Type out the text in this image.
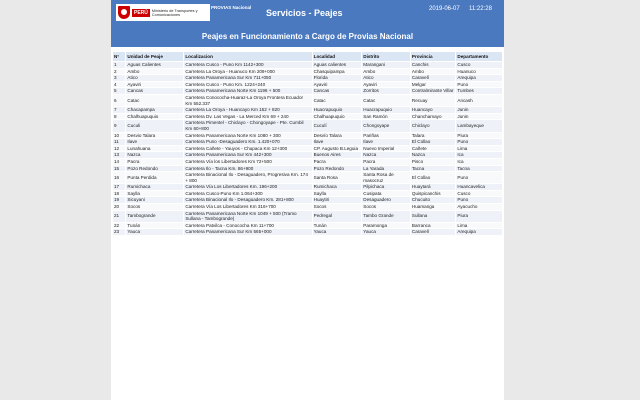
PERÚ	Ministerio de Transportes y Comunicaciones
PROVIAS Nacional
Servicios - Peajes	2019-06-07 11:22:28
Peajes en Funcionamiento a Cargo de Provias Nacional
N°	Unidad de Peaje	Localizacion	Localidad	Distrito	Provincia	Departamento
1	Aguas Calientes	Carretera Cusco - Puno Km 1142+300	Aguas calientes	Marangani	Canchis	Cusco
2	Ambo	Carretera La Oroya - Huanuco Km 209+000	Chasquipampa	Ambo	Ambo	Huanuco
3	Atico	Carretera Panamericana Sur Km 711+050	Florida	Atico	Caravelí	Arequipa
4	Ayaviri	Carretera Cusco - Puno Km. 1224+240	Ayaviri	Ayaviri	Melgar	Puno
5	Cancas	Carretera Panamericana Norte Km 1196 + 500	Cancas	Zorritos	Contralmirante Villar	Tumbes
6	Catac	Carretera Conococha-Huaraz-La Oroya Frontera Ecuador Km 552.337	Catac	Catac	Recuay	Ancash
7	Chacapampa	Carretera La Oroya - Huancayo Km 152 + 820	Huacrapuquio	Huacrapuquio	Huancayo	Junin
8	Chalhuapuquio	Carretera Dv. Las Vegas - La Merced Km 69 + 240	Chalhuapuquio	San Ramón	Chanchamayo	Junin
9	Cuculi	Carretera Pimentel - Chiclayo - Chongoyape - Pte. Cumbil Km 60+800	Cuculí	Chongoyape	Chiclayo	Lambayeque
10	Desvio Talara	Carretera Panamericana Norte Km 1080 + 300	Desvío Talara	Pariñas	Talara	Piura
11	Ilave	Carretera Puno -Desaguadero Km. 1.420+070	Ilave	Ilave	El Collao	Puno
12	Lunahuana	Carretera Cañete - Yauyos - Chupaca Km 12+300	CP. Augusto B.Leguia	Nuevo Imperial	Cañete	Lima
13	Nazca	Carretera Panamericana Sur Km 442+300	Buenos Aires	Nazca	Nazca	Ica
14	Pacra	Carretera Vía los Libertadores Km 72+500	Pacra	Pacra	Pisco	Ica
15	Pozo Redondo	Carretera Ilo - Tacna Km. 86+900	Pozo Redondo	La Yarada	Tacna	Tacna
16	Punta Perdida	Carretera Binacional Ilo - Desaguadero, Progresiva Km. 174 + 800	Santa Rosa	Santa Rosa de masocruz	El Collao	Puno
17	Rumichaca	Carretera Vía Los Libertadores Km. 196+200	Rumichaca	Pilpichaca	Huaytará	Huancavelica
18	Saylla	Carretera Cusco-Puno Km 1.064+300	Saylla	Cusipata	Quispicanchis	Cusco
19	Sicuyani	Carretera Binacional Ilo - Desaguadero Km. 281+800	Huaytiri	Desaguadero	Chucuito	Puno
20	Socos	Carretera Vía Los Libertadores Km 316+700	Socos	Socos	Huamanga	Ayacucho
21	Tambogrande	Carretera Panamericana Norte Km 1049 + 500 (Tramo Sullana - Tambogrande)	Pedregal	Tambo Grande	Sullana	Piura
22	Tunán	Carretera Patvilca - Conococha Km 11+700	Tunán	Paramonga	Barranca	Lima
23	Yauca	Carretera Panamericana Sur Km 565+000	Yauca	Yauca	Caravelí	Arequipa
